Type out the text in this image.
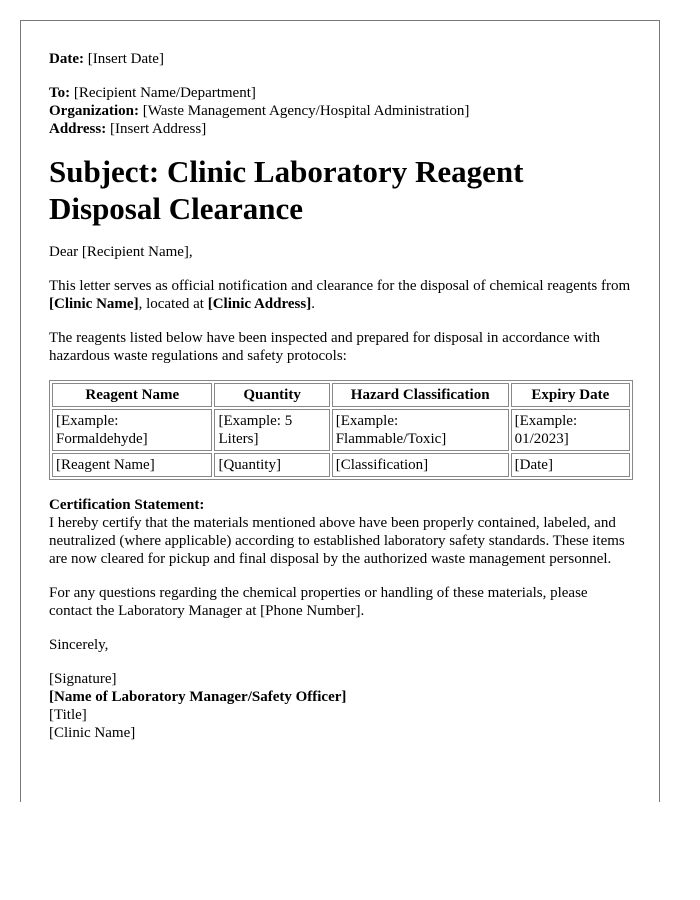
Date: [Insert Date]

To: [Recipient Name/Department]

Organization: [Waste Management Agency/Hospital Administration]

Address: [Insert Address]

Subject: Clinic Laboratory Reagent Disposal Clearance

Dear [Recipient Name],

This letter serves as official notification and clearance for the disposal of chemical reagents from [Clinic Name], located at [Clinic Address].

The reagents listed below have been inspected and prepared for disposal in accordance with hazardous waste regulations and safety protocols:

Reagent Name	Quantity	Hazard Classification	Expiry Date
[Example: Formaldehyde]	[Example: 5 Liters]	[Example: Flammable/Toxic]	[Example: 01/2023]
[Reagent Name]	[Quantity]	[Classification]	[Date]

Certification Statement:

I hereby certify that the materials mentioned above have been properly contained, labeled, and neutralized (where applicable) according to established laboratory safety standards. These items are now cleared for pickup and final disposal by the authorized waste management personnel.

For any questions regarding the chemical properties or handling of these materials, please contact the Laboratory Manager at [Phone Number].

Sincerely,

[Signature]

[Name of Laboratory Manager/Safety Officer]

[Title]

[Clinic Name]
